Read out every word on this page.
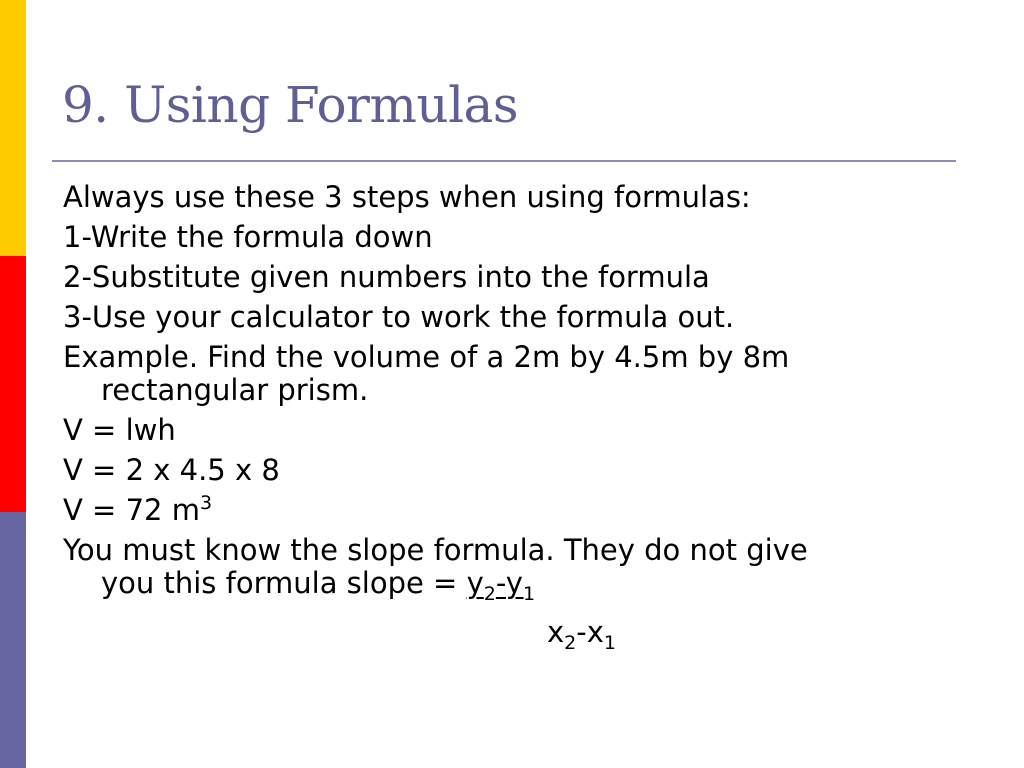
9. Using Formulas

Always use these 3 steps when using formulas:

1-Write the formula down

2-Substitute given numbers into the formula

3-Use your calculator to work the formula out.

Example. Find the volume of a 2m by 4.5m by 8m
rectangular prism.

V = lwh

V = 2 x 4.5 x 8

V = 72 $m^3$

You must know the slope formula. They do not give
you this formula slope = $y_2-y_1$

$x_2-x_1$
